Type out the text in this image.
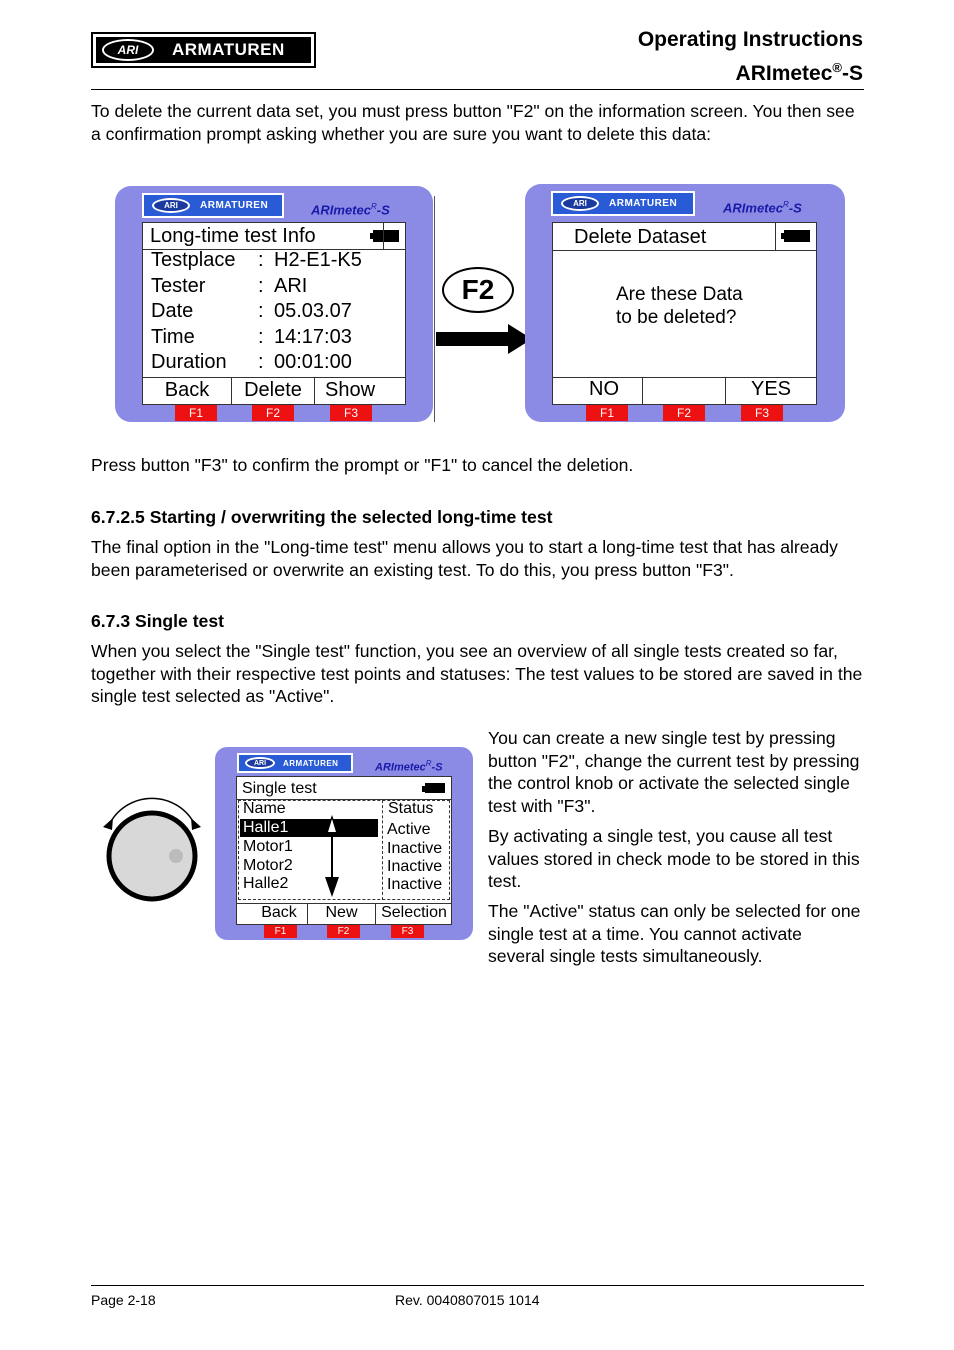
ARI	ARMATUREN	Operating Instructions
ARImetec®-S
To delete the current data set, you must press button "F2" on the information screen. You then see a confirmation prompt asking whether you are sure you want to delete this data:
ARI	ARMATUREN	ARImetec$^R$-S
Long-time test Info
Testplace : H2-E1-K5
Tester	: ARI
Date	: 05.03.07
Time	: 14:17:03
Duration : 00:01:00
Back	Delete	Show
F1	F2	F3
F2
ARI	ARMATUREN	ARImetec$^R$-S
Delete Dataset
Are these Data
to be deleted?
NO	YES
F1	F2	F3
Press button "F3" to confirm the prompt or "F1" to cancel the deletion.
6.7.2.5 Starting / overwriting the selected long-time test
The final option in the "Long-time test" menu allows you to start a long-time test that has already been parameterised or overwrite an existing test. To do this, you press button "F3".
6.7.3 Single test
When you select the "Single test" function, you see an overview of all single tests created so far, together with their respective test points and statuses: The test values to be stored are saved in the single test selected as "Active".
ARI	ARMATUREN	ARImetec$^R$-S
Single test
Name	Status
Halle1	Active
Motor1	Inactive
Motor2	Inactive
Halle2	Inactive
Back	New	Selection
F1	F2	F3
You can create a new single test by pressing button "F2", change the current test by pressing the control knob or activate the selected single test with "F3".
By activating a single test, you cause all test values stored in check mode to be stored in this test.
The "Active" status can only be selected for one single test at a time. You cannot activate several single tests simultaneously.
Page 2-18	Rev. 0040807015 1014
